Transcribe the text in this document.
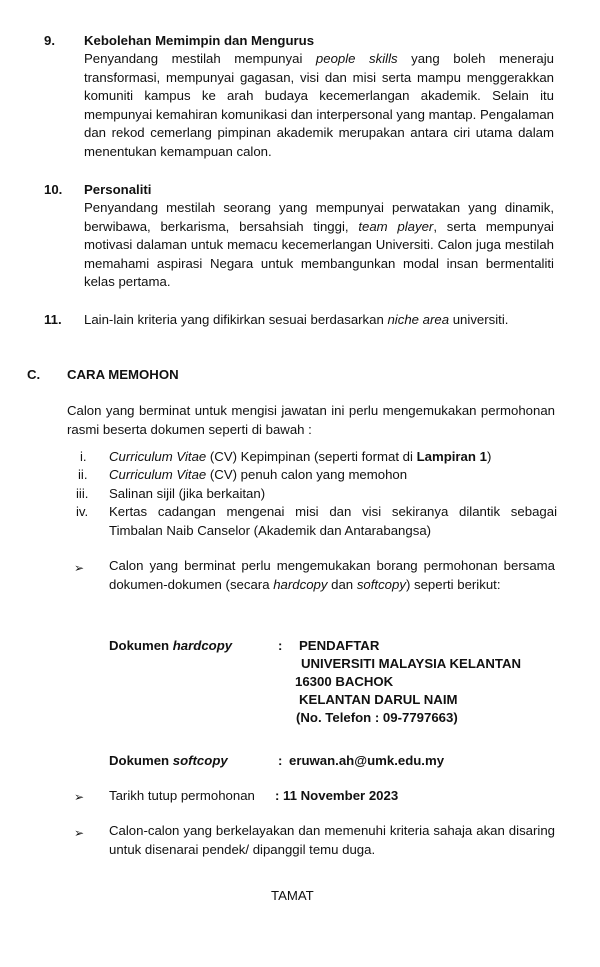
9. Kebolehan Memimpin dan Mengurus
Penyandang mestilah mempunyai people skills yang boleh meneraju transformasi, mempunyai gagasan, visi dan misi serta mampu menggerakkan komuniti kampus ke arah budaya kecemerlangan akademik. Selain itu mempunyai kemahiran komunikasi dan interpersonal yang mantap. Pengalaman dan rekod cemerlang pimpinan akademik merupakan antara ciri utama dalam menentukan kemampuan calon.
10. Personaliti
Penyandang mestilah seorang yang mempunyai perwatakan yang dinamik, berwibawa, berkarisma, bersahsiah tinggi, team player, serta mempunyai motivasi dalaman untuk memacu kecemerlangan Universiti. Calon juga mestilah memahami aspirasi Negara untuk membangunkan modal insan bermentaliti kelas pertama.
11. Lain-lain kriteria yang difikirkan sesuai berdasarkan niche area universiti.
C. CARA MEMOHON
Calon yang berminat untuk mengisi jawatan ini perlu mengemukakan permohonan rasmi beserta dokumen seperti di bawah :
i.	Curriculum Vitae (CV) Kepimpinan (seperti format di Lampiran 1)
ii.	Curriculum Vitae (CV) penuh calon yang memohon
iii.	Salinan sijil (jika berkaitan)
iv.	Kertas cadangan mengenai misi dan visi sekiranya dilantik sebagai Timbalan Naib Canselor (Akademik dan Antarabangsa)
➢ Calon yang berminat perlu mengemukakan borang permohonan bersama dokumen-dokumen (secara hardcopy dan softcopy) seperti berikut:
Dokumen hardcopy	: PENDAFTAR
UNIVERSITI MALAYSIA KELANTAN
16300 BACHOK
KELANTAN DARUL NAIM
(No. Telefon : 09-7797663)
Dokumen softcopy	: eruwan.ah@umk.edu.my
➢ Tarikh tutup permohonan : 11 November 2023
➢ Calon-calon yang berkelayakan dan memenuhi kriteria sahaja akan disaring untuk disenarai pendek/ dipanggil temu duga.
TAMAT
